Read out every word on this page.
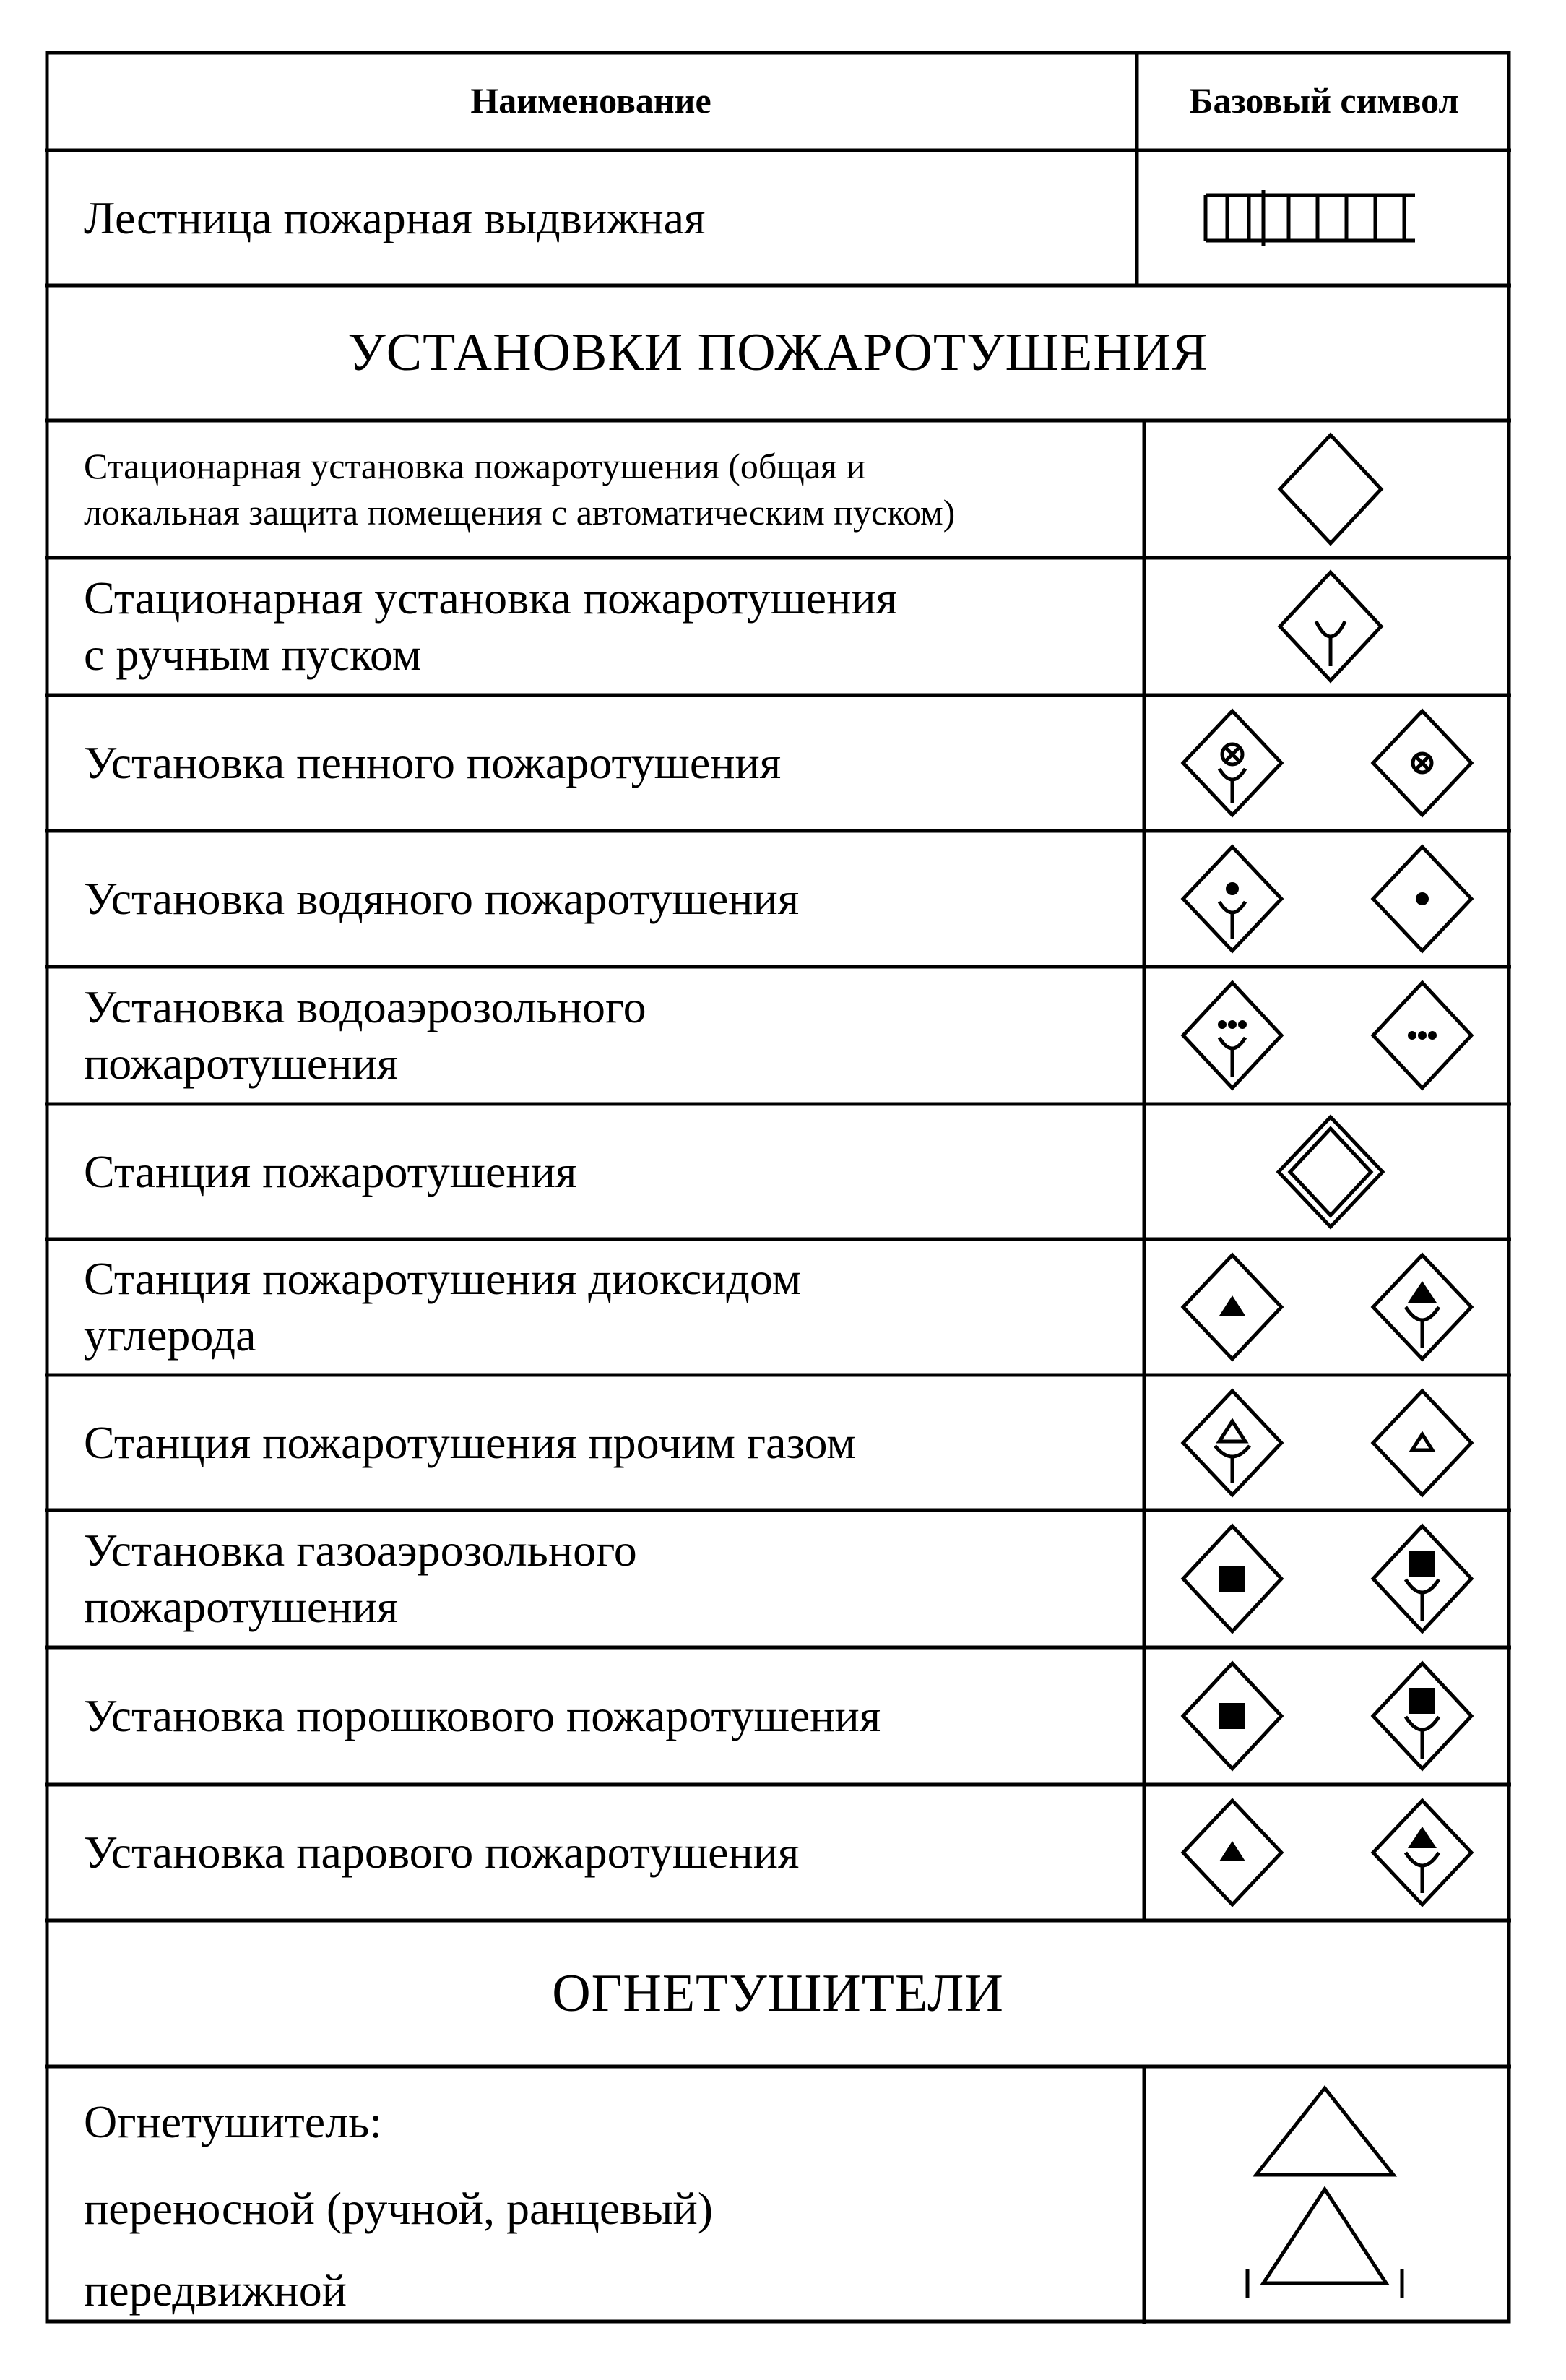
Наименование	Базовый символ
Лестница пожарная выдвижная
УСТАНОВКИ ПОЖАРОТУШЕНИЯ
Стационарная установка пожаротушения (общая и
локальная защита помещения с автоматическим пуском)
Стационарная установка пожаротушения
с ручным пуском
Установка пенного пожаротушения
Установка водяного пожаротушения
Установка водоаэрозольного
пожаротушения
Станция пожаротушения
Станция пожаротушения диоксидом
углерода
Станция пожаротушения прочим газом
Установка газоаэрозольного
пожаротушения
Установка порошкового пожаротушения
Установка парового пожаротушения
ОГНЕТУШИТЕЛИ
Огнетушитель:
переносной (ручной, ранцевый)
передвижной
